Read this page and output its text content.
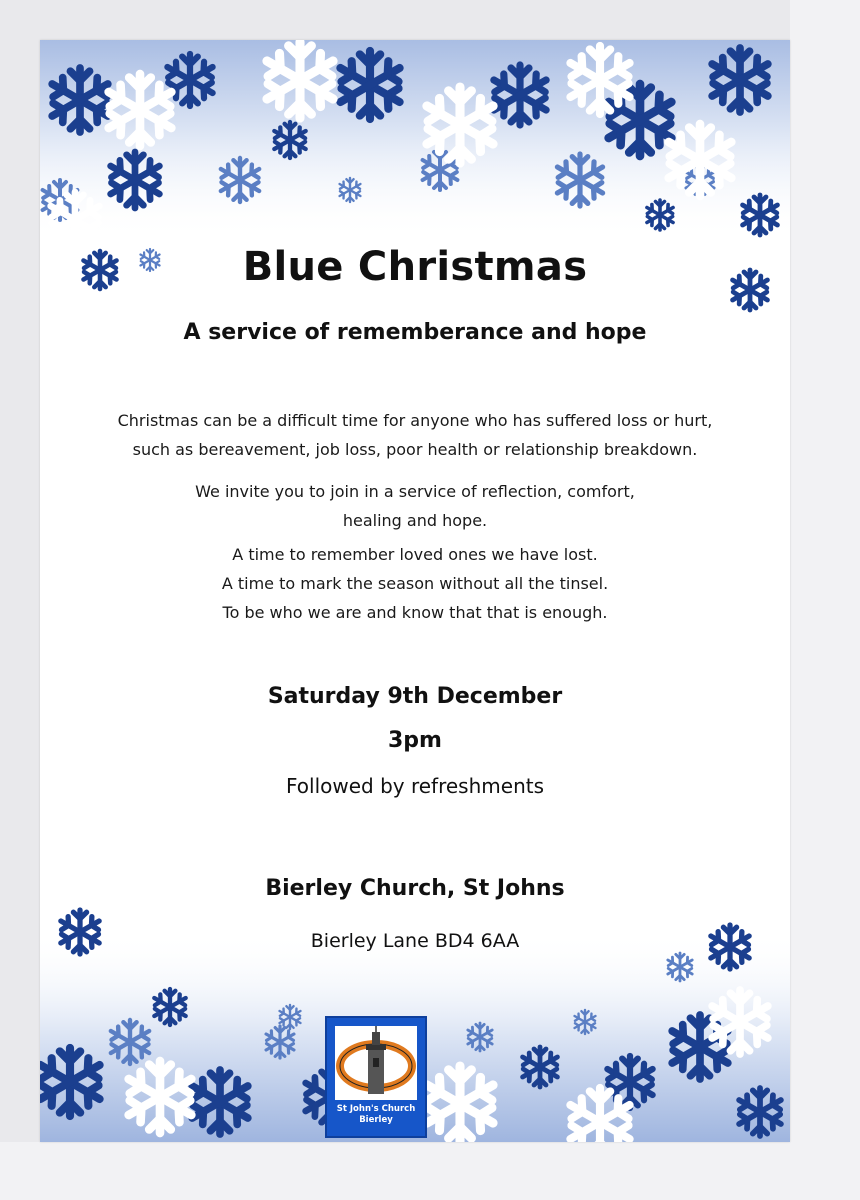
Blue Christmas
A service of rememberance and hope
Christmas can be a difficult time for anyone who has suffered loss or hurt,
such as bereavement, job loss, poor health or relationship breakdown.
We invite you to join in a service of reflection, comfort,
healing and hope.
A time to remember loved ones we have lost.
A time to mark the season without all the tinsel.
To be who we are and know that that is enough.
Saturday 9th December
3pm
Followed by refreshments
Bierley Church, St Johns
Bierley Lane BD4 6AA
St John's Church
Bierley
